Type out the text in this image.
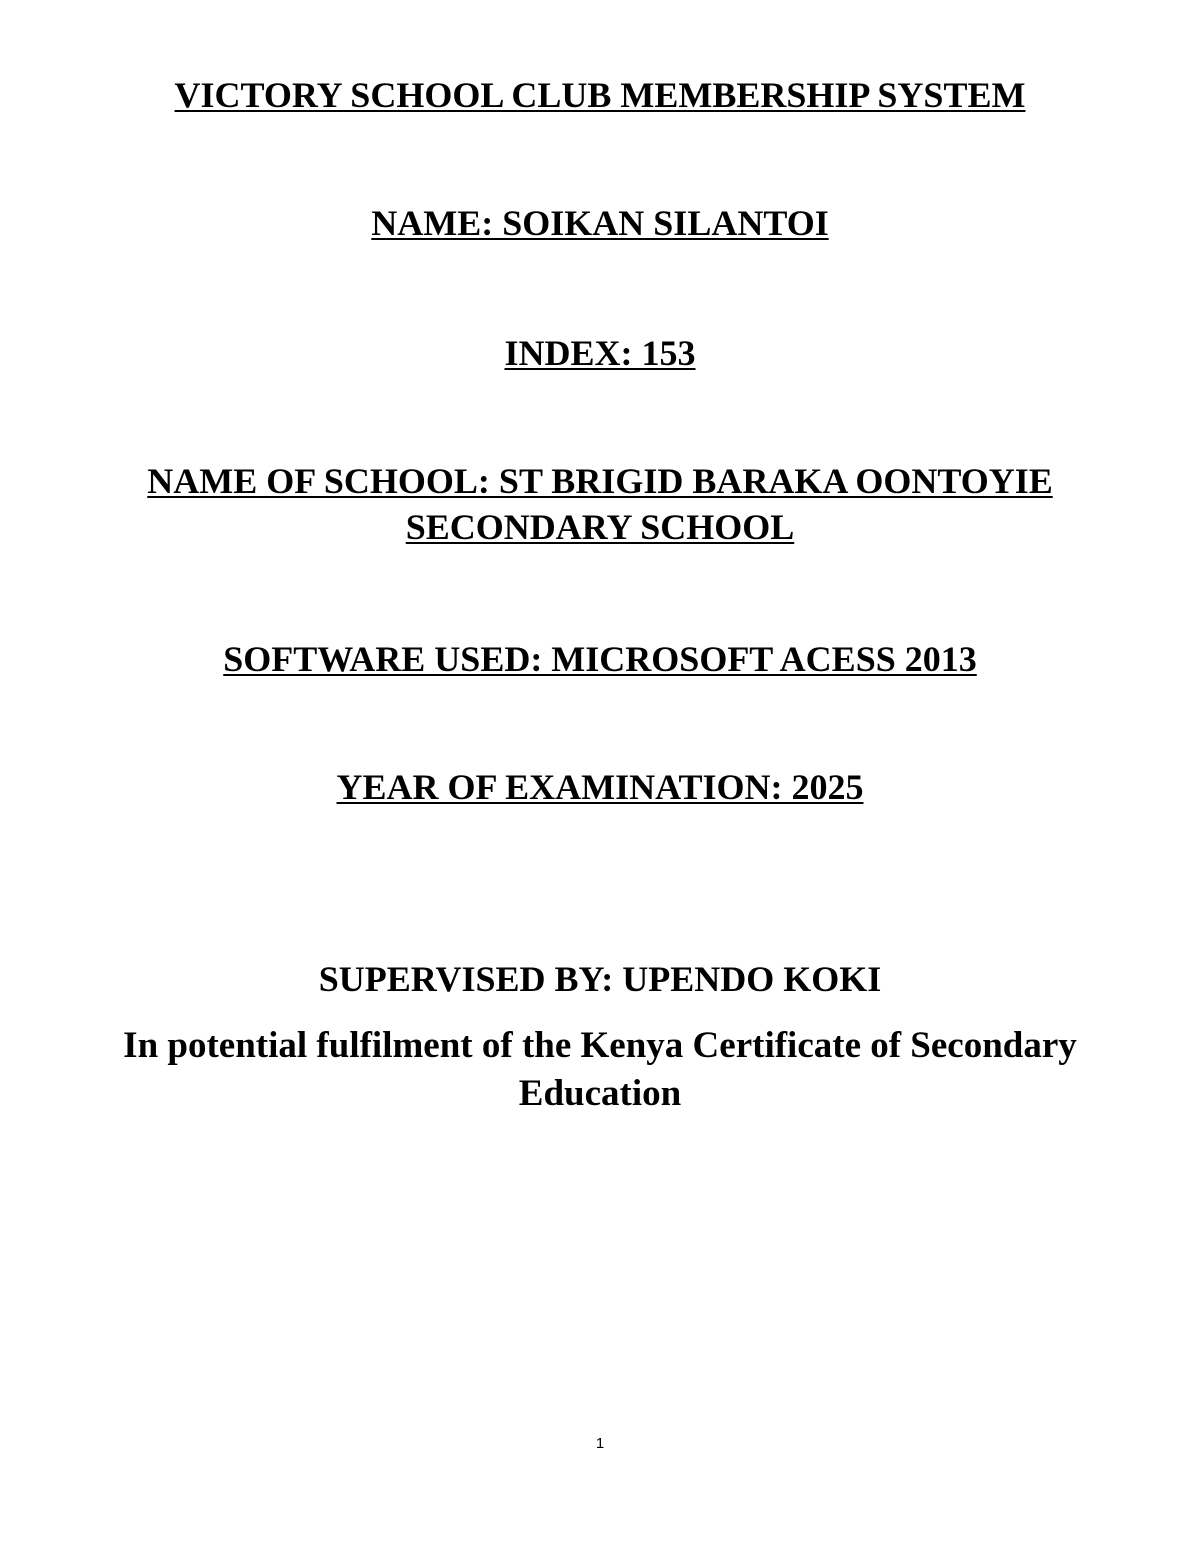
VICTORY SCHOOL CLUB MEMBERSHIP SYSTEM

NAME: SOIKAN SILANTOI

INDEX: 153

NAME OF SCHOOL: ST BRIGID BARAKA OONTOYIE
SECONDARY SCHOOL

SOFTWARE USED: MICROSOFT ACESS 2013

YEAR OF EXAMINATION: 2025

SUPERVISED BY: UPENDO KOKI

In potential fulfilment of the Kenya Certificate of Secondary
Education

1
